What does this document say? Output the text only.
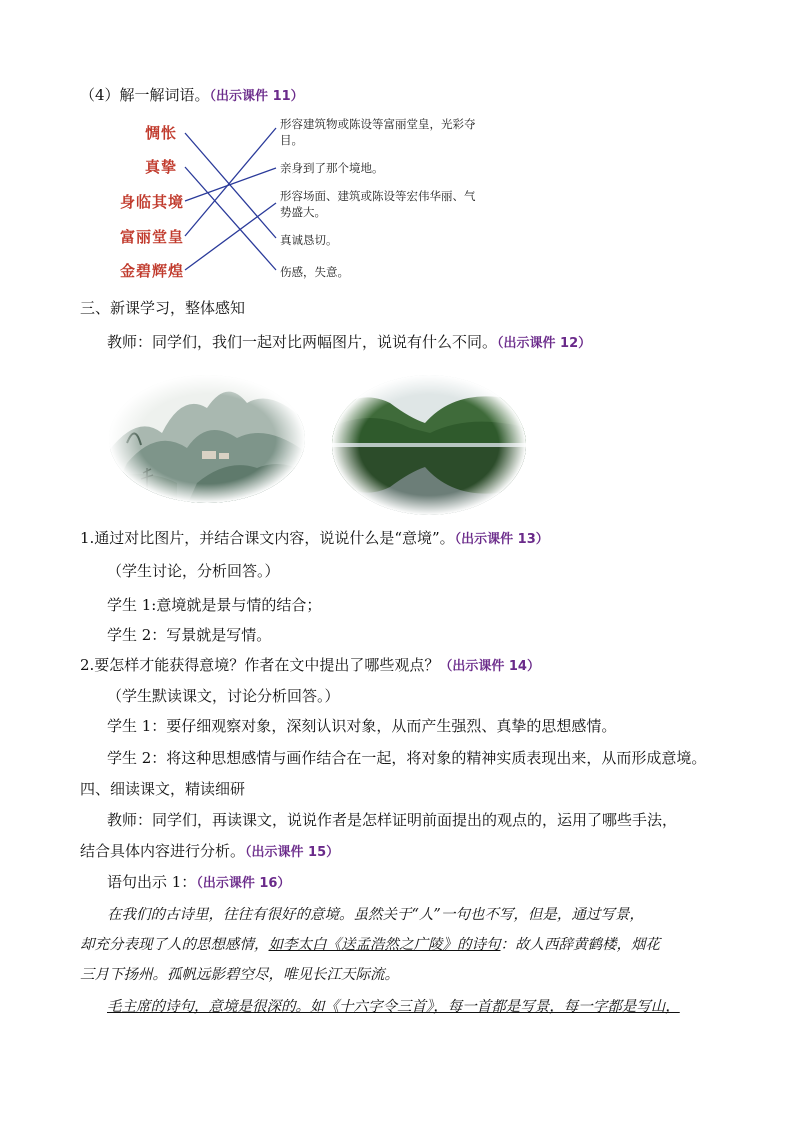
（4）解一解词语。（出示课件 11）
惆怅
真挚
身临其境
富丽堂皇
金碧辉煌
形容建筑物或陈设等富丽堂皇，光彩夺目。
亲身到了那个境地。
形容场面、建筑或陈设等宏伟华丽、气势盛大。
真诚恳切。
伤感，失意。
三、新课学习，整体感知
教师：同学们，我们一起对比两幅图片，说说有什么不同。（出示课件 12）
1.通过对比图片，并结合课文内容，说说什么是“意境”。（出示课件 13）
（学生讨论，分析回答。）
学生 1:意境就是景与情的结合；
学生 2：写景就是写情。
2.要怎样才能获得意境？作者在文中提出了哪些观点？（出示课件 14）
（学生默读课文，讨论分析回答。）
学生 1：要仔细观察对象，深刻认识对象，从而产生强烈、真挚的思想感情。
学生 2：将这种思想感情与画作结合在一起，将对象的精神实质表现出来，从而形成意境。
四、细读课文，精读细研
教师：同学们，再读课文，说说作者是怎样证明前面提出的观点的，运用了哪些手法，
结合具体内容进行分析。（出示课件 15）
语句出示 1：（出示课件 16）
在我们的古诗里，往往有很好的意境。虽然关于“人”一句也不写，但是，通过写景，
却充分表现了人的思想感情，如李太白《送孟浩然之广陵》的诗句：故人西辞黄鹤楼，烟花
三月下扬州。孤帆远影碧空尽，唯见长江天际流。
毛主席的诗句，意境是很深的。如《十六字令三首》，每一首都是写景，每一字都是写山，
